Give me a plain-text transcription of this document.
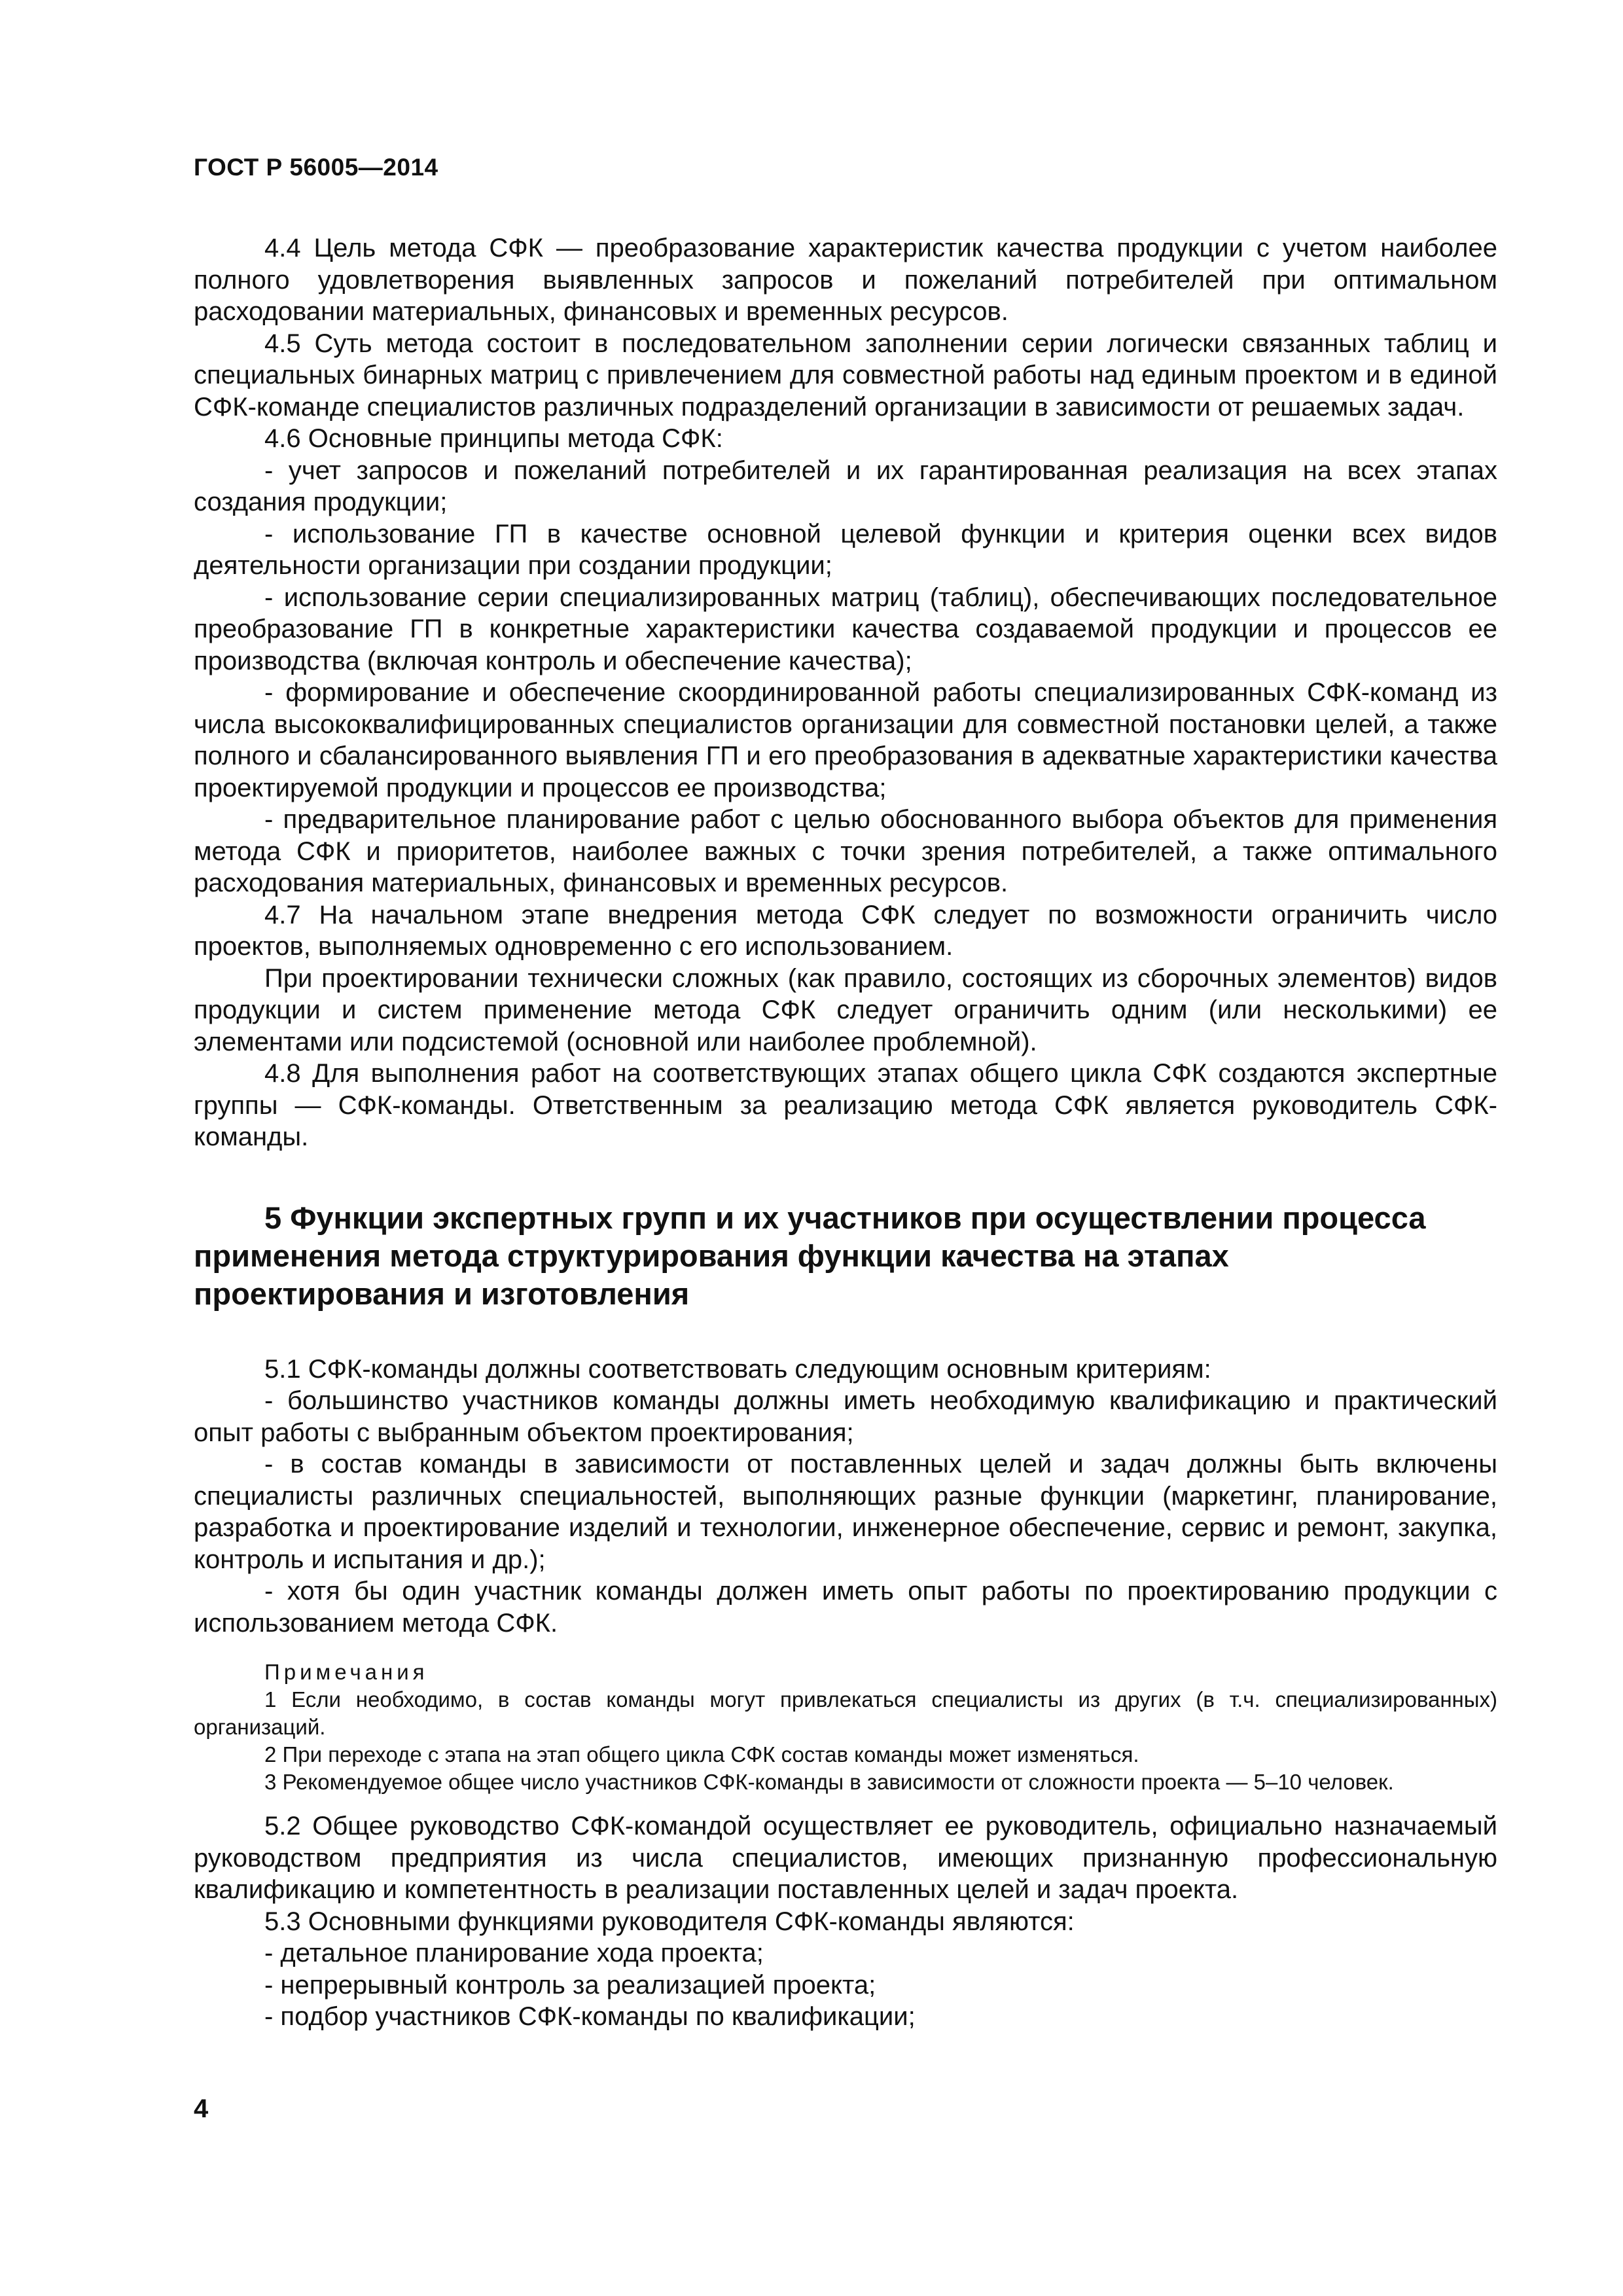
ГОСТ Р 56005—2014

4.4 Цель метода СФК — преобразование характеристик качества продукции с учетом наиболее полного удовлетворения выявленных запросов и пожеланий потребителей при оптимальном расходовании материальных, финансовых и временных ресурсов.

4.5 Суть метода состоит в последовательном заполнении серии логически связанных таблиц и специальных бинарных матриц с привлечением для совместной работы над единым проектом и в единой СФК-команде специалистов различных подразделений организации в зависимости от решаемых задач.

4.6 Основные принципы метода СФК:

- учет запросов и пожеланий потребителей и их гарантированная реализация на всех этапах создания продукции;

- использование ГП в качестве основной целевой функции и критерия оценки всех видов деятельности организации при создании продукции;

- использование серии специализированных матриц (таблиц), обеспечивающих последовательное преобразование ГП в конкретные характеристики качества создаваемой продукции и процессов ее производства (включая контроль и обеспечение качества);

- формирование и обеспечение скоординированной работы специализированных СФК-команд из числа высококвалифицированных специалистов организации для совместной постановки целей, а также полного и сбалансированного выявления ГП и его преобразования в адекватные характеристики качества проектируемой продукции и процессов ее производства;

- предварительное планирование работ с целью обоснованного выбора объектов для применения метода СФК и приоритетов, наиболее важных с точки зрения потребителей, а также оптимального расходования материальных, финансовых и временных ресурсов.

4.7 На начальном этапе внедрения метода СФК следует по возможности ограничить число проектов, выполняемых одновременно с его использованием.

При проектировании технически сложных (как правило, состоящих из сборочных элементов) видов продукции и систем применение метода СФК следует ограничить одним (или несколькими) ее элементами или подсистемой (основной или наиболее проблемной).

4.8 Для выполнения работ на соответствующих этапах общего цикла СФК создаются экспертные группы — СФК-команды. Ответственным за реализацию метода СФК является руководитель СФК-команды.

5 Функции экспертных групп и их участников при осуществлении процесса
применения метода структурирования функции качества на этапах
проектирования и изготовления

5.1 СФК-команды должны соответствовать следующим основным критериям:

- большинство участников команды должны иметь необходимую квалификацию и практический опыт работы с выбранным объектом проектирования;

- в состав команды в зависимости от поставленных целей и задач должны быть включены специалисты различных специальностей, выполняющих разные функции (маркетинг, планирование, разработка и проектирование изделий и технологии, инженерное обеспечение, сервис и ремонт, закупка, контроль и испытания и др.);

- хотя бы один участник команды должен иметь опыт работы по проектированию продукции с использованием метода СФК.

Примечания

1 Если необходимо, в состав команды могут привлекаться специалисты из других (в т.ч. специализированных) организаций.

2 При переходе с этапа на этап общего цикла СФК состав команды может изменяться.

3 Рекомендуемое общее число участников СФК-команды в зависимости от сложности проекта — 5–10 человек.

5.2 Общее руководство СФК-командой осуществляет ее руководитель, официально назначаемый руководством предприятия из числа специалистов, имеющих признанную профессиональную квалификацию и компетентность в реализации поставленных целей и задач проекта.

5.3 Основными функциями руководителя СФК-команды являются:

- детальное планирование хода проекта;

- непрерывный контроль за реализацией проекта;

- подбор участников СФК-команды по квалификации;

4
